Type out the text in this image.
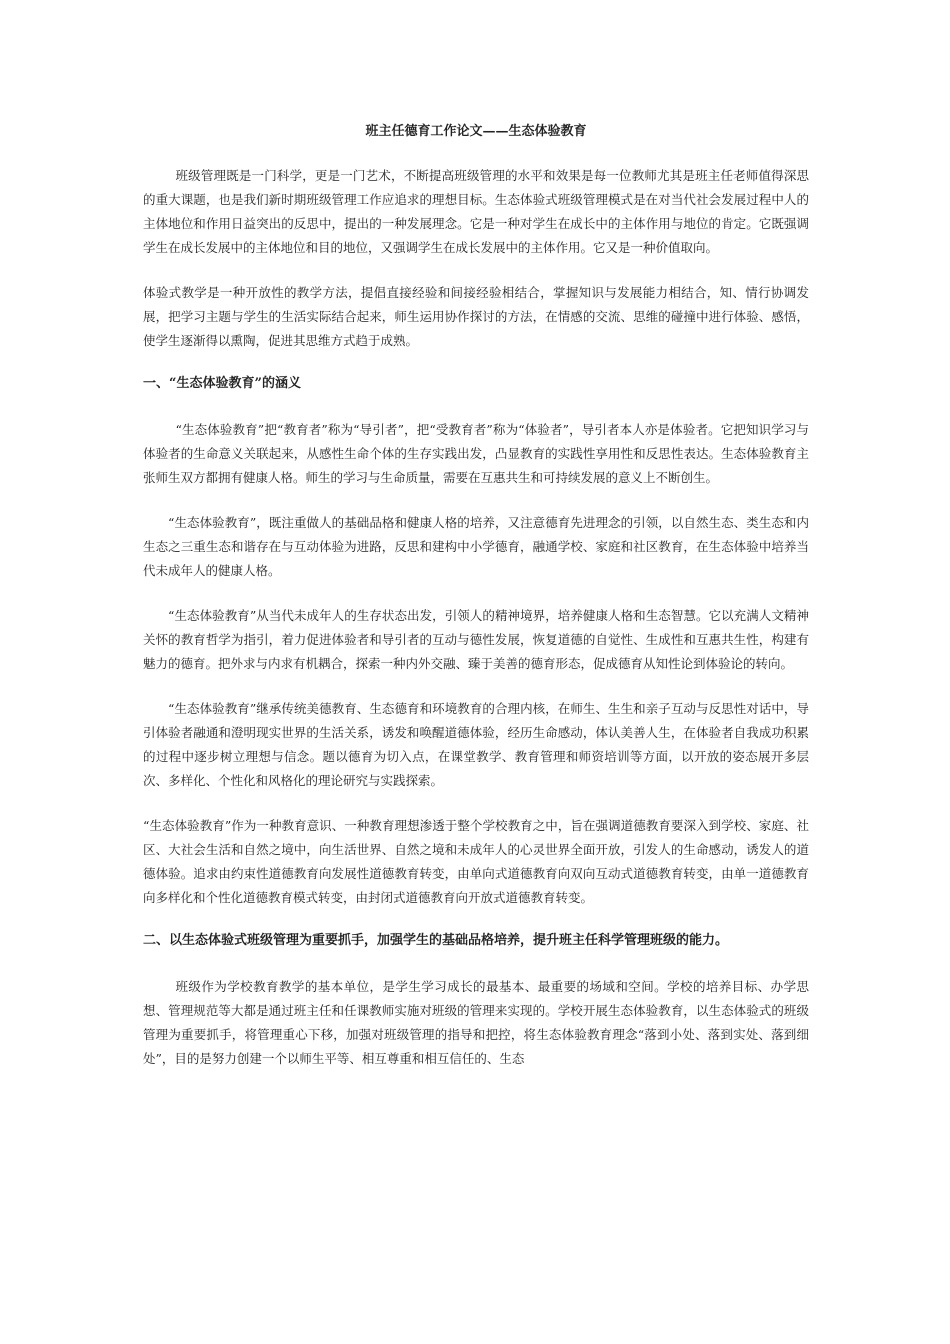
班主任德育工作论文——生态体验教育

班级管理既是一门科学，更是一门艺术，不断提高班级管理的水平和效果是每一位教师尤其是班主任老师值得深思的重大课题，也是我们新时期班级管理工作应追求的理想目标。生态体验式班级管理模式是在对当代社会发展过程中人的主体地位和作用日益突出的反思中，提出的一种发展理念。它是一种对学生在成长中的主体作用与地位的肯定。它既强调学生在成长发展中的主体地位和目的地位，又强调学生在成长发展中的主体作用。它又是一种价值取向。

体验式教学是一种开放性的教学方法，提倡直接经验和间接经验相结合，掌握知识与发展能力相结合，知、情行协调发展，把学习主题与学生的生活实际结合起来，师生运用协作探讨的方法，在情感的交流、思维的碰撞中进行体验、感悟，使学生逐渐得以熏陶，促进其思维方式趋于成熟。

一、“生态体验教育”的涵义

“生态体验教育”把“教育者”称为“导引者”，把“受教育者”称为“体验者”，导引者本人亦是体验者。它把知识学习与体验者的生命意义关联起来，从感性生命个体的生存实践出发，凸显教育的实践性享用性和反思性表达。生态体验教育主张师生双方都拥有健康人格。师生的学习与生命质量，需要在互惠共生和可持续发展的意义上不断创生。

“生态体验教育”，既注重做人的基础品格和健康人格的培养，又注意德育先进理念的引领，以自然生态、类生态和内生态之三重生态和谐存在与互动体验为进路，反思和建构中小学德育，融通学校、家庭和社区教育，在生态体验中培养当代未成年人的健康人格。

“生态体验教育”从当代未成年人的生存状态出发，引领人的精神境界，培养健康人格和生态智慧。它以充满人文精神关怀的教育哲学为指引，着力促进体验者和导引者的互动与德性发展，恢复道德的自觉性、生成性和互惠共生性，构建有魅力的德育。把外求与内求有机耦合，探索一种内外交融、臻于美善的德育形态，促成德育从知性论到体验论的转向。

“生态体验教育”继承传统美德教育、生态德育和环境教育的合理内核，在师生、生生和亲子互动与反思性对话中，导引体验者融通和澄明现实世界的生活关系，诱发和唤醒道德体验，经历生命感动，体认美善人生，在体验者自我成功积累的过程中逐步树立理想与信念。题以德育为切入点，在课堂教学、教育管理和师资培训等方面，以开放的姿态展开多层次、多样化、个性化和风格化的理论研究与实践探索。

“生态体验教育”作为一种教育意识、一种教育理想渗透于整个学校教育之中，旨在强调道德教育要深入到学校、家庭、社区、大社会生活和自然之境中，向生活世界、自然之境和未成年人的心灵世界全面开放，引发人的生命感动，诱发人的道德体验。追求由约束性道德教育向发展性道德教育转变，由单向式道德教育向双向互动式道德教育转变，由单一道德教育向多样化和个性化道德教育模式转变，由封闭式道德教育向开放式道德教育转变。

二、以生态体验式班级管理为重要抓手，加强学生的基础品格培养，提升班主任科学管理班级的能力。

班级作为学校教育教学的基本单位，是学生学习成长的最基本、最重要的场域和空间。学校的培养目标、办学思想、管理规范等大都是通过班主任和任课教师实施对班级的管理来实现的。学校开展生态体验教育，以生态体验式的班级管理为重要抓手，将管理重心下移，加强对班级管理的指导和把控，将生态体验教育理念“落到小处、落到实处、落到细处”，目的是努力创建一个以师生平等、相互尊重和相互信任的、生态
